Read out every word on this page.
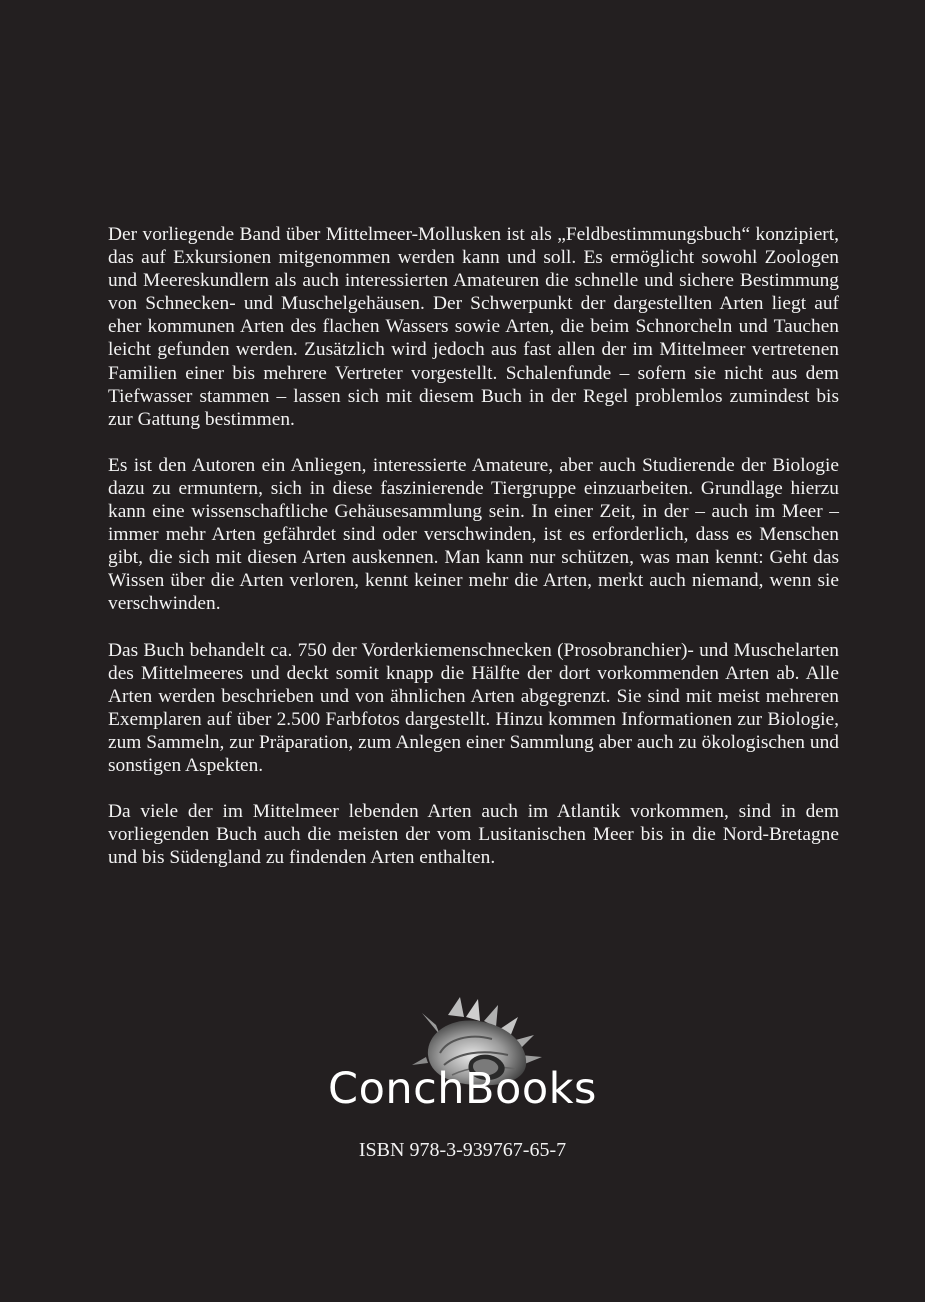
Der vorliegende Band über Mittelmeer-Mollusken ist als „Feldbestimmungsbuch“ konzipiert, das auf Exkursionen mitgenommen werden kann und soll. Es ermöglicht sowohl Zoologen und Meereskundlern als auch interessierten Amateuren die schnelle und sichere Bestimmung von Schnecken- und Muschelgehäusen. Der Schwerpunkt der dargestellten Arten liegt auf eher kommunen Arten des flachen Wassers sowie Arten, die beim Schnorcheln und Tauchen leicht gefunden werden. Zusätzlich wird jedoch aus fast allen der im Mittelmeer vertretenen Familien einer bis mehrere Vertreter vorgestellt. Schalenfunde – sofern sie nicht aus dem Tiefwasser stammen – lassen sich mit diesem Buch in der Regel problemlos zumindest bis zur Gattung bestimmen.

Es ist den Autoren ein Anliegen, interessierte Amateure, aber auch Studierende der Biologie dazu zu ermuntern, sich in diese faszinierende Tiergruppe einzuarbeiten. Grundlage hierzu kann eine wissenschaftliche Gehäusesammlung sein. In einer Zeit, in der – auch im Meer – immer mehr Arten gefährdet sind oder verschwinden, ist es erforderlich, dass es Menschen gibt, die sich mit diesen Arten auskennen. Man kann nur schützen, was man kennt: Geht das Wissen über die Arten verloren, kennt keiner mehr die Arten, merkt auch niemand, wenn sie verschwinden.

Das Buch behandelt ca. 750 der Vorderkiemenschnecken (Prosobranchier)- und Muschelarten des Mittelmeeres und deckt somit knapp die Hälfte der dort vorkommenden Arten ab. Alle Arten werden beschrieben und von ähnlichen Arten abgegrenzt. Sie sind mit meist mehreren Exemplaren auf über 2.500 Farbfotos dargestellt. Hinzu kommen Informationen zur Biologie, zum Sammeln, zur Präparation, zum Anlegen einer Sammlung aber auch zu ökologischen und sonstigen Aspekten.

Da viele der im Mittelmeer lebenden Arten auch im Atlantik vorkommen, sind in dem vorliegenden Buch auch die meisten der vom Lusitanischen Meer bis in die Nord-Bretagne und bis Südengland zu findenden Arten enthalten.

ConchBooks
ISBN 978-3-939767-65-7
